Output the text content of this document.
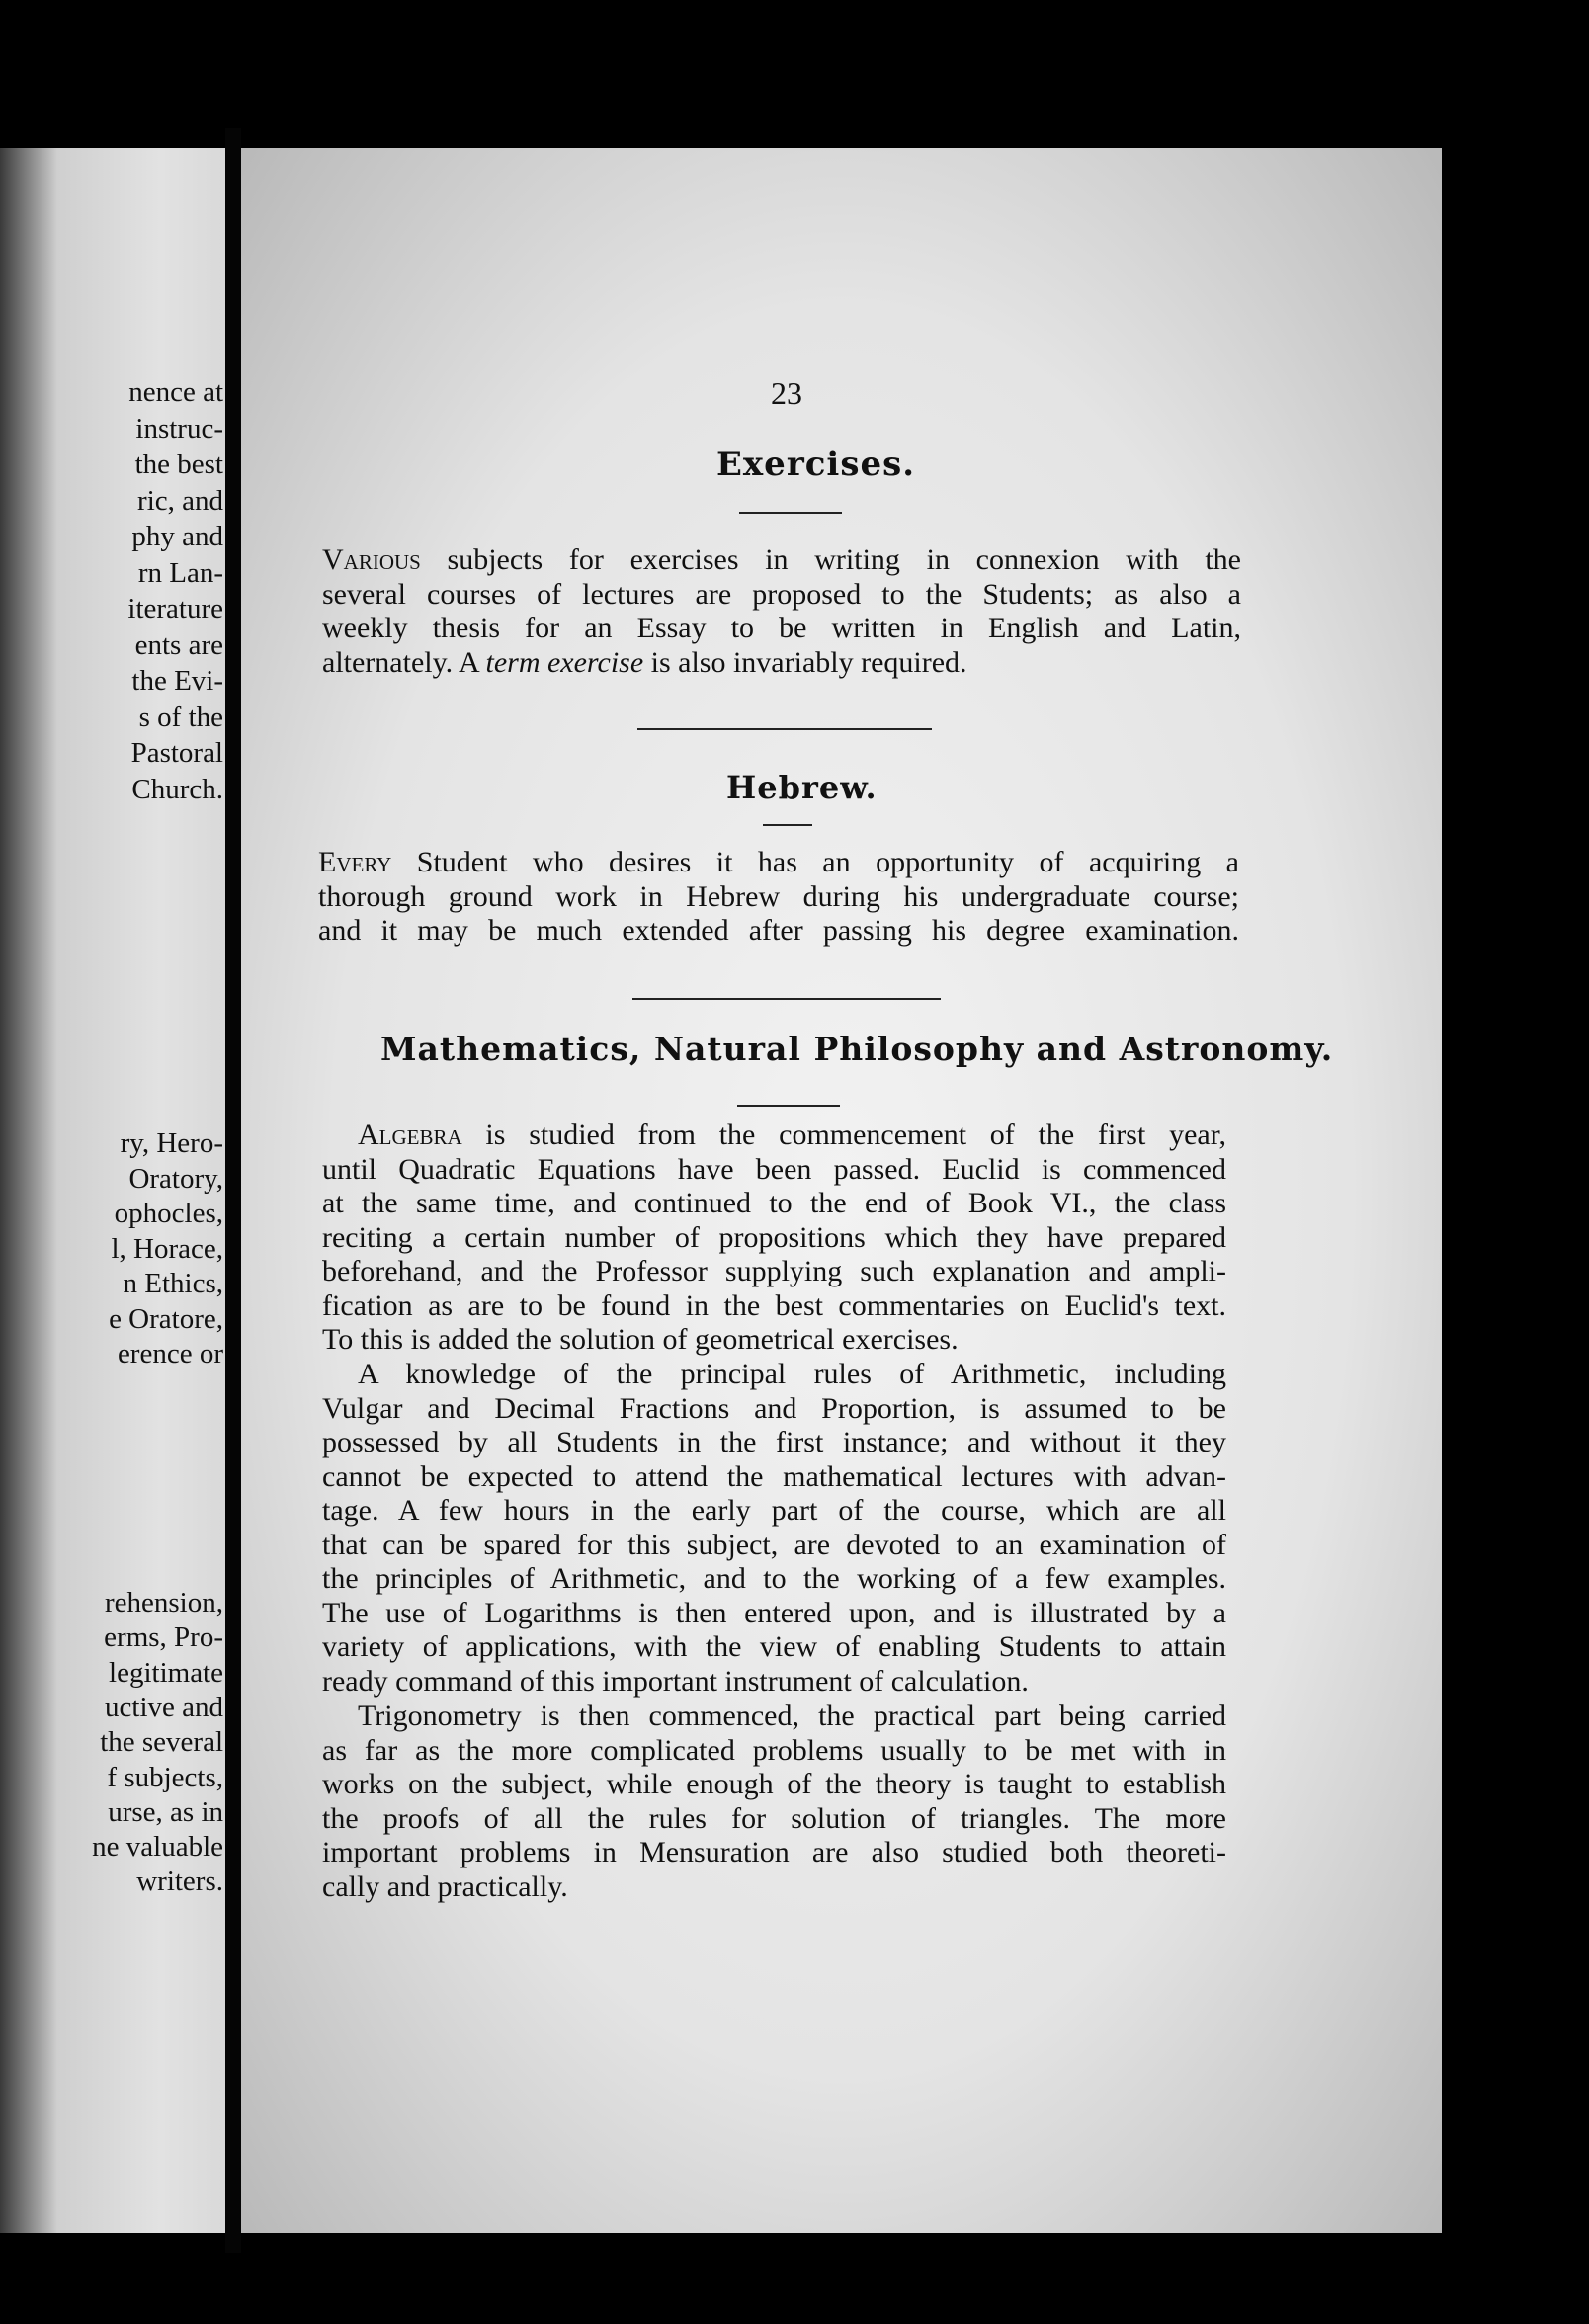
nence at
instruc-
the best
ric, and
phy and
rn Lan-
iterature
ents are
the Evi-
s of the
Pastoral
Church.
ry, Hero-
Oratory,
ophocles,
l, Horace,
n Ethics,
e Oratore,
erence or
rehension,
erms, Pro-
legitimate
uctive and
the several
f subjects,
urse, as in
ne valuable
writers.
23
Exercises.
Various subjects for exercises in writing in connexion with the
several courses of lectures are proposed to the Students; as also a
weekly thesis for an Essay to be written in English and Latin,
alternately. A term exercise is also invariably required.
Hebrew.
Every Student who desires it has an opportunity of acquiring a
thorough ground work in Hebrew during his undergraduate course;
and it may be much extended after passing his degree examination.
Mathematics, Natural Philosophy and Astronomy.
Algebra is studied from the commencement of the first year,
until Quadratic Equations have been passed. Euclid is commenced
at the same time, and continued to the end of Book VI., the class
reciting a certain number of propositions which they have prepared
beforehand, and the Professor supplying such explanation and ampli-
fication as are to be found in the best commentaries on Euclid's text.
To this is added the solution of geometrical exercises.
A knowledge of the principal rules of Arithmetic, including
Vulgar and Decimal Fractions and Proportion, is assumed to be
possessed by all Students in the first instance; and without it they
cannot be expected to attend the mathematical lectures with advan-
tage. A few hours in the early part of the course, which are all
that can be spared for this subject, are devoted to an examination of
the principles of Arithmetic, and to the working of a few examples.
The use of Logarithms is then entered upon, and is illustrated by a
variety of applications, with the view of enabling Students to attain
ready command of this important instrument of calculation.
Trigonometry is then commenced, the practical part being carried
as far as the more complicated problems usually to be met with in
works on the subject, while enough of the theory is taught to establish
the proofs of all the rules for solution of triangles. The more
important problems in Mensuration are also studied both theoreti-
cally and practically.
